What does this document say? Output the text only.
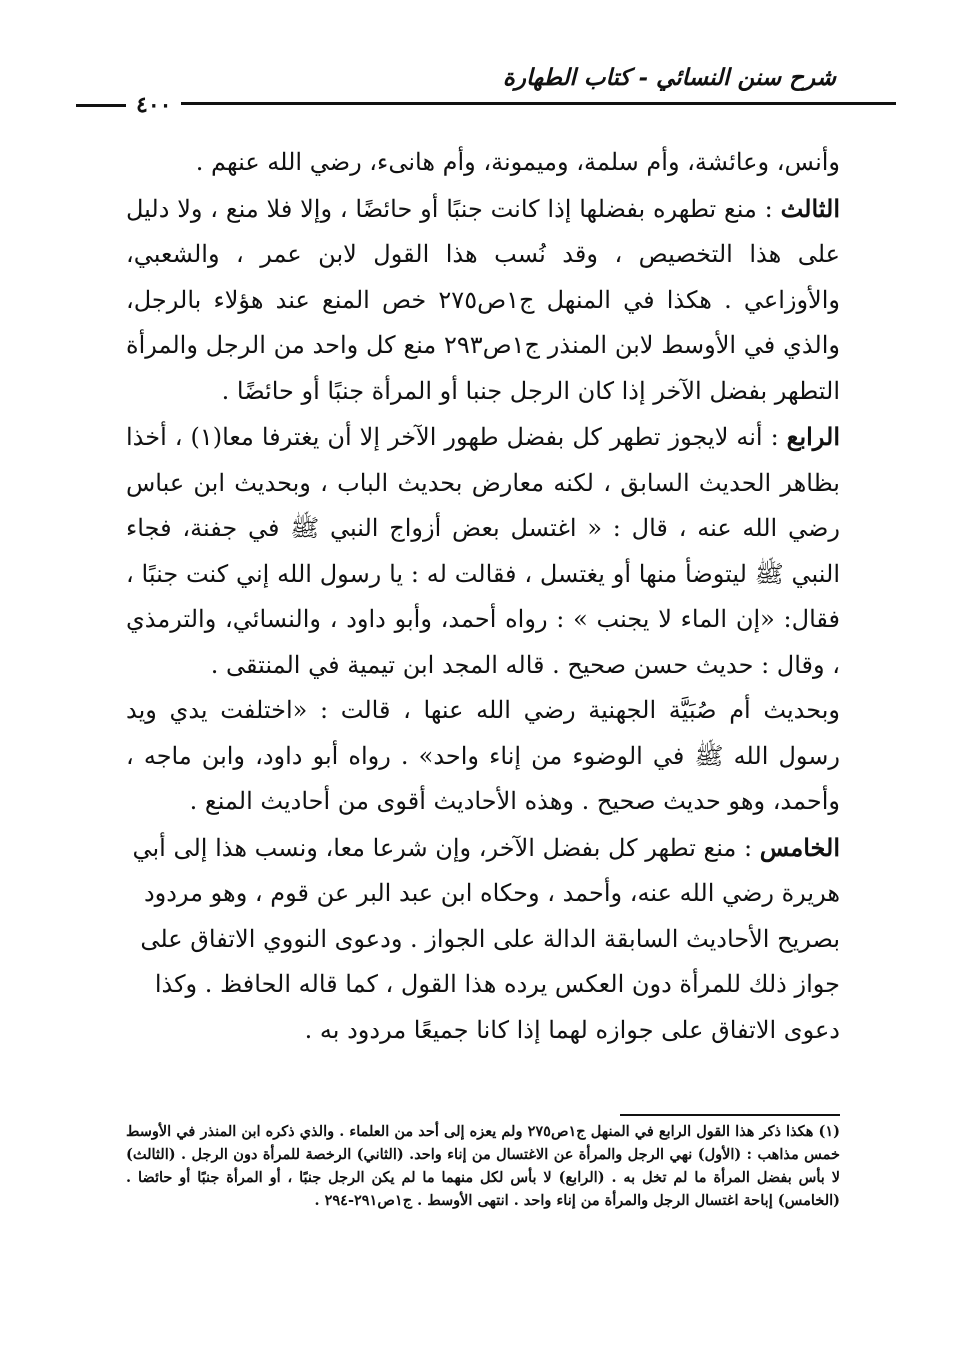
شرح سنن النسائي - كتاب الطهارة
٤٠٠

وأنس، وعائشة، وأم سلمة، وميمونة، وأم هانىء، رضي الله عنهم .

الثالث : منع تطهره بفضلها إذا كانت جنبًا أو حائضًا ، وإلا فلا منع ، ولا دليل على هذا التخصيص ، وقد نُسب هذا القول لابن عمر ، والشعبي، والأوزاعي . هكذا في المنهل ج١ص٢٧٥ خص المنع عند هؤلاء بالرجل، والذي في الأوسط لابن المنذر ج١ص٢٩٣ منع كل واحد من الرجل والمرأة التطهر بفضل الآخر إذا كان الرجل جنبا أو المرأة جنبًا أو حائضًا .

الرابع : أنه لايجوز تطهر كل بفضل طهور الآخر إلا أن يغترفا معا(١) ، أخذا بظاهر الحديث السابق ، لكنه معارض بحديث الباب ، وبحديث ابن عباس رضي الله عنه ، قال : « اغتسل بعض أزواج النبي ﷺ في جفنة، فجاء النبي ﷺ ليتوضأ منها أو يغتسل ، فقالت له : يا رسول الله إني كنت جنبًا ، فقال: «إن الماء لا يجنب » : رواه أحمد، وأبو داود ، والنسائي، والترمذي ، وقال : حديث حسن صحيح . قاله المجد ابن تيمية في المنتقى .

وبحديث أم صُبَيَّة الجهنية رضي الله عنها ، قالت : «اختلفت يدي ويد رسول الله ﷺ في الوضوء من إناء واحد» . رواه أبو داود، وابن ماجه ، وأحمد، وهو حديث صحيح . وهذه الأحاديث أقوى من أحاديث المنع .

الخامس : منع تطهر كل بفضل الآخر، وإن شرعا معا، ونسب هذا إلى أبي هريرة رضي الله عنه، وأحمد ، وحكاه ابن عبد البر عن قوم ، وهو مردود بصريح الأحاديث السابقة الدالة على الجواز . ودعوى النووي الاتفاق على جواز ذلك للمرأة دون العكس يرده هذا القول ، كما قاله الحافظ . وكذا دعوى الاتفاق على جوازه لهما إذا كانا جميعًا مردود به .

(١) هكذا ذكر هذا القول الرابع في المنهل ج١ص٢٧٥ ولم يعزه إلى أحد من العلماء . والذي ذكره ابن المنذر في الأوسط خمس مذاهب : (الأول) نهي الرجل والمرأة عن الاغتسال من إناء واحد. (الثاني) الرخصة للمرأة دون الرجل . (الثالث) لا بأس بفضل المرأة ما لم تخل به . (الرابع) لا بأس لكل منهما ما لم يكن الرجل جنبًا ، أو المرأة جنبًا أو حائضا . (الخامس) إباحة اغتسال الرجل والمرأة من إناء واحد . انتهى الأوسط . ج١ص٢٩١-٢٩٤ .
